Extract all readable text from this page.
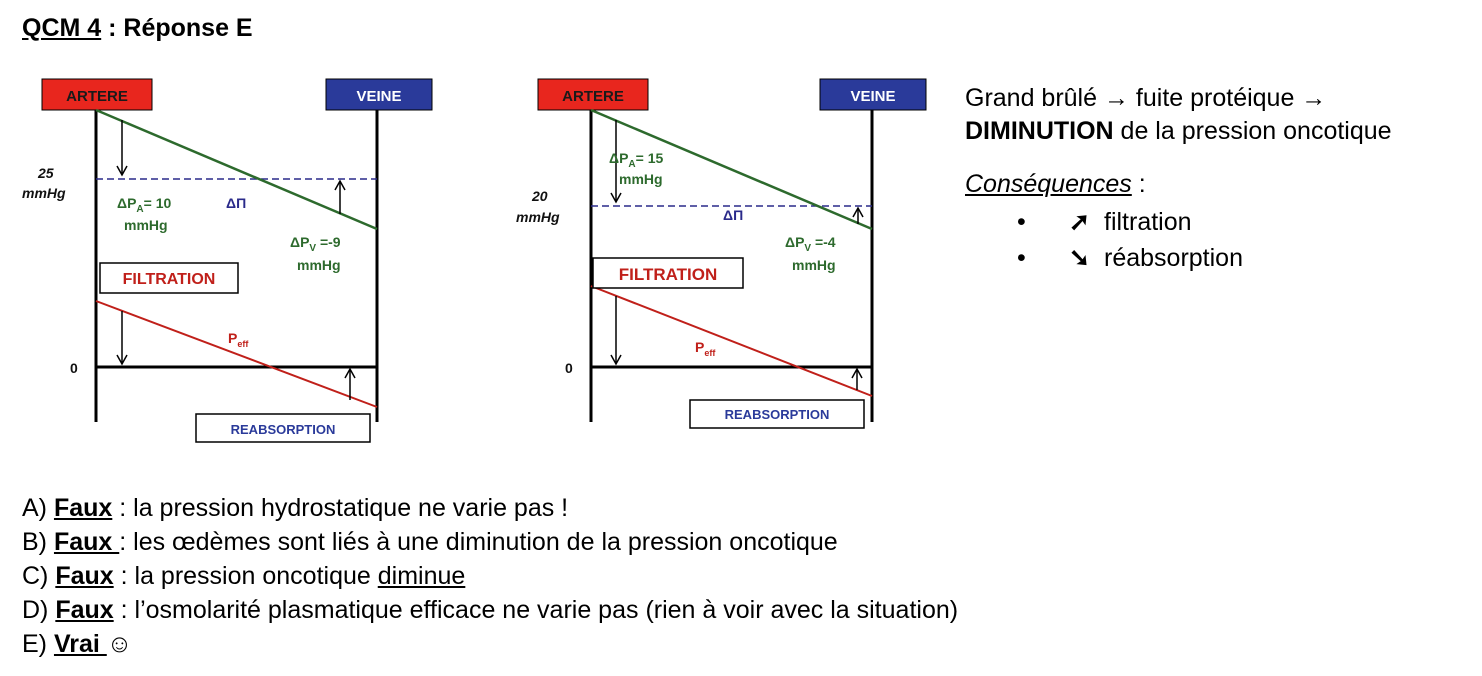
QCM 4 : Réponse E
ARTERE	VEINE
25
mmHg
$\Delta P_A= 10$
mmHg
ΔΠ
$\Delta P_V =-9$
mmHg
FILTRATION
$P_{eff}$
0
REABSORPTION
ARTERE	VEINE
20
mmHg
$\Delta P_A= 15$
mmHg
ΔΠ
$\Delta P_V =-4$
mmHg
FILTRATION
$P_{eff}$
0
REABSORPTION
Grand brûlé → fuite protéique →
DIMINUTION de la pression oncotique
Conséquences :
• ➚ filtration
• ➘ réabsorption
A) Faux : la pression hydrostatique ne varie pas !
B) Faux : les œdèmes sont liés à une diminution de la pression oncotique
C) Faux : la pression oncotique diminue
D) Faux : l’osmolarité plasmatique efficace ne varie pas (rien à voir avec la situation)
E) Vrai ☺
